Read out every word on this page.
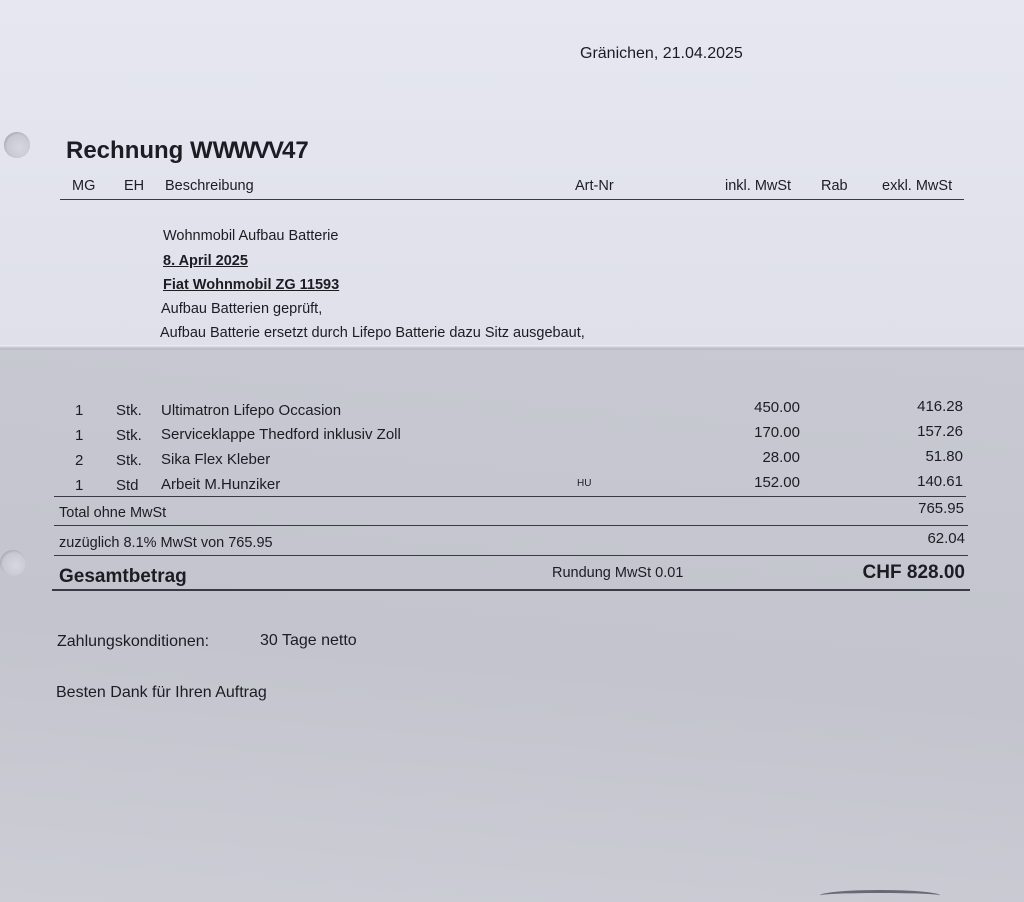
Gränichen, 21.04.2025
Rechnung WWWVV47
MG EH Beschreibung	Art-Nr	inkl. MwSt Rab exkl. MwSt
Wohnmobil Aufbau Batterie
8. April 2025
Fiat Wohnmobil ZG 11593
Aufbau Batterien geprüft,
Aufbau Batterie ersetzt durch Lifepo Batterie dazu Sitz ausgebaut,
1 Stk. Ultimatron Lifepo Occasion	450.00	416.28
1 Stk. Serviceklappe Thedford inklusiv Zoll	170.00	157.26
2 Stk. Sika Flex Kleber	28.00	51.80
1 Std Arbeit M.Hunziker	HU	152.00	140.61
Total ohne MwSt	765.95
zuzüglich 8.1% MwSt von 765.95	62.04
Gesamtbetrag	Rundung MwSt 0.01	CHF 828.00
Zahlungskonditionen:	30 Tage netto
Besten Dank für Ihren Auftrag
